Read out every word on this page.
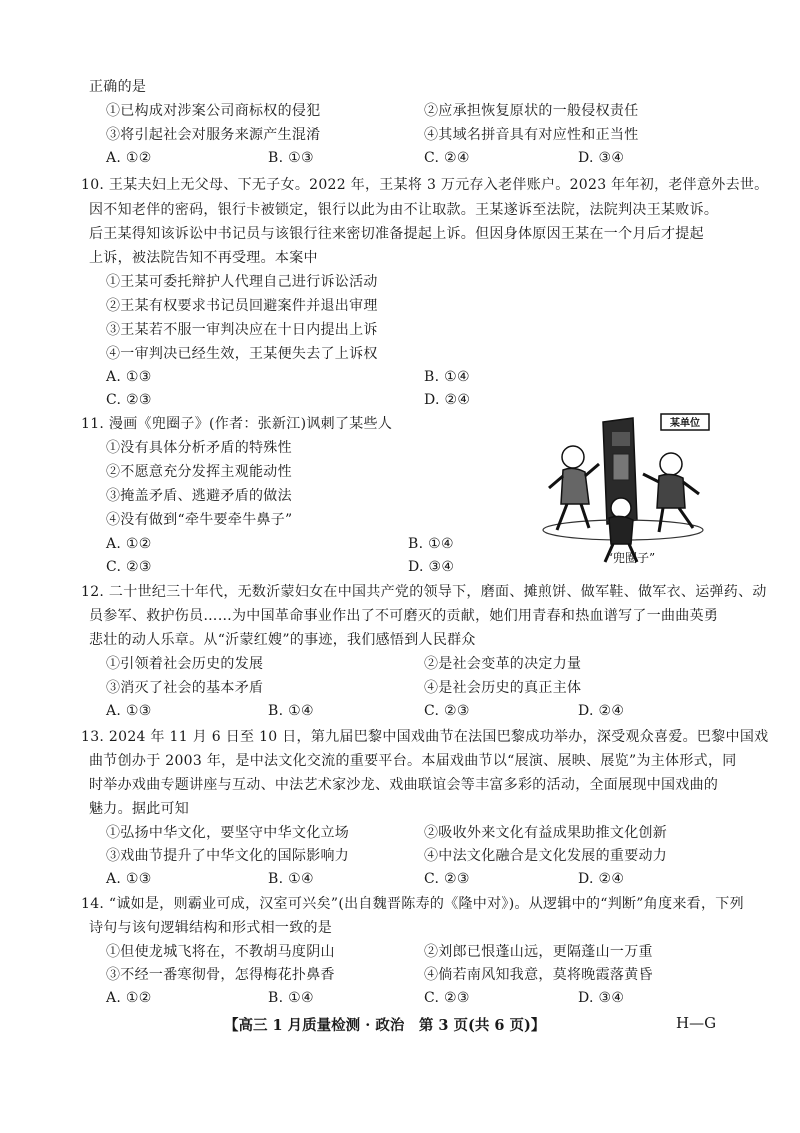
正确的是
①已构成对涉案公司商标权的侵犯	②应承担恢复原状的一般侵权责任
③将引起社会对服务来源产生混淆	④其域名拼音具有对应性和正当性
A. ①②	B. ①③	C. ②④	D. ③④
10. 王某夫妇上无父母、下无子女。2022 年，王某将 3 万元存入老伴账户。2023 年年初，老伴意外去世。
因不知老伴的密码，银行卡被锁定，银行以此为由不让取款。王某遂诉至法院，法院判决王某败诉。
后王某得知该诉讼中书记员与该银行往来密切准备提起上诉。但因身体原因王某在一个月后才提起
上诉，被法院告知不再受理。本案中
①王某可委托辩护人代理自己进行诉讼活动
②王某有权要求书记员回避案件并退出审理
③王某若不服一审判决应在十日内提出上诉
④一审判决已经生效，王某便失去了上诉权
A. ①③	B. ①④
C. ②③	D. ②④
11. 漫画《兜圈子》(作者：张新江)讽刺了某些人
①没有具体分析矛盾的特殊性
②不愿意充分发挥主观能动性
③掩盖矛盾、逃避矛盾的做法
④没有做到“牵牛要牵牛鼻子”
A. ①②	B. ①④
C. ②③	D. ③④
某单位
“兜圈子”
12. 二十世纪三十年代，无数沂蒙妇女在中国共产党的领导下，磨面、摊煎饼、做军鞋、做军衣、运弹药、动
员参军、救护伤员……为中国革命事业作出了不可磨灭的贡献，她们用青春和热血谱写了一曲曲英勇
悲壮的动人乐章。从“沂蒙红嫂”的事迹，我们感悟到人民群众
①引领着社会历史的发展	②是社会变革的决定力量
③消灭了社会的基本矛盾	④是社会历史的真正主体
A. ①③	B. ①④	C. ②③	D. ②④
13. 2024 年 11 月 6 日至 10 日，第九届巴黎中国戏曲节在法国巴黎成功举办，深受观众喜爱。巴黎中国戏
曲节创办于 2003 年，是中法文化交流的重要平台。本届戏曲节以“展演、展映、展览”为主体形式，同
时举办戏曲专题讲座与互动、中法艺术家沙龙、戏曲联谊会等丰富多彩的活动，全面展现中国戏曲的
魅力。据此可知
①弘扬中华文化，要坚守中华文化立场	②吸收外来文化有益成果助推文化创新
③戏曲节提升了中华文化的国际影响力	④中法文化融合是文化发展的重要动力
A. ①③	B. ①④	C. ②③	D. ②④
14. “诚如是，则霸业可成，汉室可兴矣”(出自魏晋陈寿的《隆中对》)。从逻辑中的“判断”角度来看，下列
诗句与该句逻辑结构和形式相一致的是
①但使龙城飞将在，不教胡马度阴山	②刘郎已恨蓬山远，更隔蓬山一万重
③不经一番寒彻骨，怎得梅花扑鼻香	④倘若南风知我意，莫将晚霞落黄昏
A. ①②	B. ①④	C. ②③	D. ③④
【高三 1 月质量检测 · 政治　第 3 页(共 6 页)】	H—G
